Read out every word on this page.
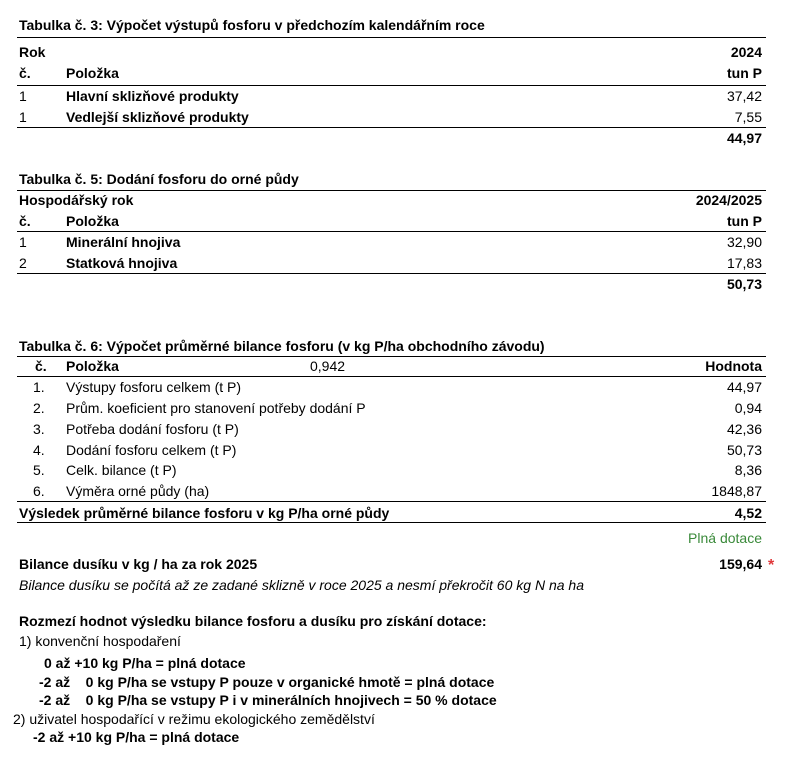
Tabulka č. 3: Výpočet výstupů fosforu v předchozím kalendářním roce
Rok	2024
č.	Položka	tun P
1	Hlavní sklizňové produkty	37,42
1	Vedlejší sklizňové produkty	7,55
44,97
Tabulka č. 5: Dodání fosforu do orné půdy
Hospodářský rok	2024/2025
č.	Položka	tun P
1	Minerální hnojiva	32,90
2	Statková hnojiva	17,83
50,73
Tabulka č. 6: Výpočet průměrné bilance fosforu (v kg P/ha obchodního závodu)
č. Položka	0,942	Hodnota
1. Výstupy fosforu celkem (t P)	44,97
2. Prům. koeficient pro stanovení potřeby dodání P	0,94
3. Potřeba dodání fosforu (t P)	42,36
4. Dodání fosforu celkem (t P)	50,73
5. Celk. bilance (t P)	8,36
6. Výměra orné půdy (ha)	1848,87
Výsledek průměrné bilance fosforu v kg P/ha orné půdy	4,52
Plná dotace
Bilance dusíku v kg / ha za rok 2025	159,64 *
Bilance dusíku se počítá až ze zadané sklizně v roce 2025 a nesmí překročit 60 kg N na ha
Rozmezí hodnot výsledku bilance fosforu a dusíku pro získání dotace:
1) konvenční hospodaření
0 až +10 kg P/ha = plná dotace
-2 až    0 kg P/ha se vstupy P pouze v organické hmotě = plná dotace
-2 až    0 kg P/ha se vstupy P i v minerálních hnojivech = 50 % dotace
2) uživatel hospodařící v režimu ekologického zemědělství
-2 až +10 kg P/ha = plná dotace
